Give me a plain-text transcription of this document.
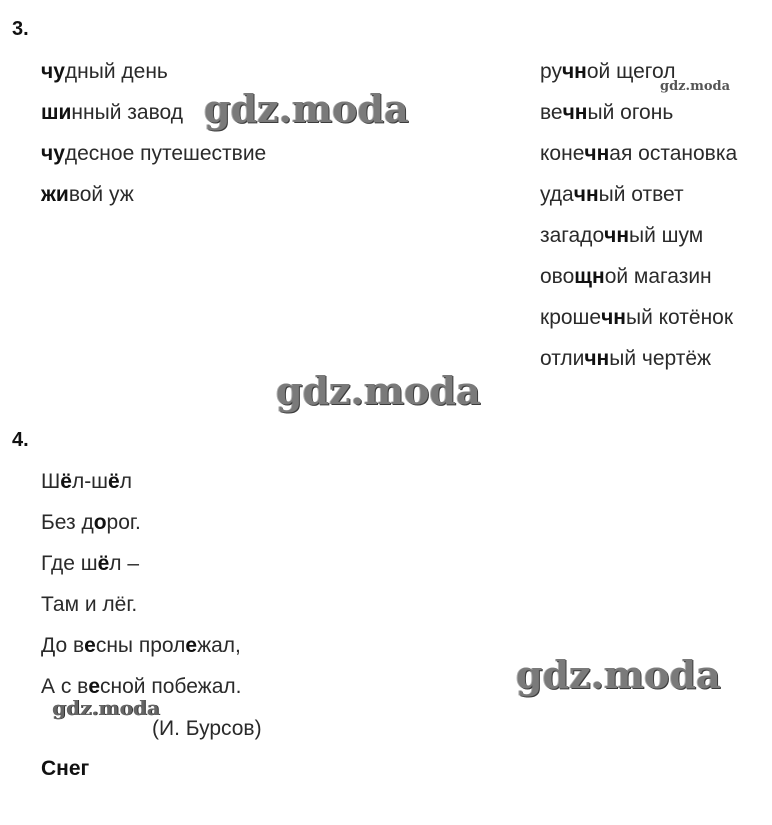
3.
чудный день
шинный завод
чудесное путешествие
живой уж
ручной щегол
вечный огонь
конечная остановка
удачный ответ
загадочный шум
овощной магазин
крошечный котёнок
отличный чертёж
gdz.moda	gdz.moda
gdz.moda
gdz.moda
gdz.moda
4.
Шёл-шёл
Без дорог.
Где шёл –
Там и лёг.
До весны пролежал,
А с весной побежал.
(И. Бурсов)
Снег
